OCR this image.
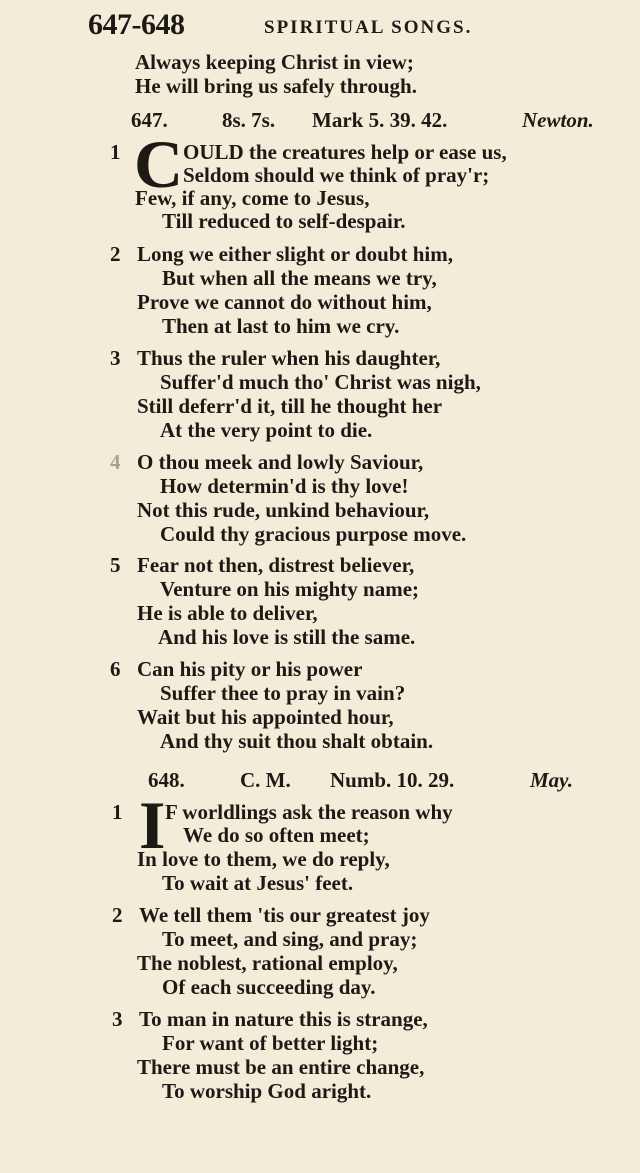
647-648	SPIRITUAL SONGS.
Always keeping Christ in view;
He will bring us safely through.
647.	8s. 7s. Mark 5. 39. 42.	Newton.
1 C OULD the creatures help or ease us,
Seldom should we think of pray'r;
Few, if any, come to Jesus,
Till reduced to self-despair.
2 Long we either slight or doubt him,
But when all the means we try,
Prove we cannot do without him,
Then at last to him we cry.
3 Thus the ruler when his daughter,
Suffer'd much tho' Christ was nigh,
Still deferr'd it, till he thought her
At the very point to die.
4 O thou meek and lowly Saviour,
How determin'd is thy love!
Not this rude, unkind behaviour,
Could thy gracious purpose move.
5 Fear not then, distrest believer,
Venture on his mighty name;
He is able to deliver,
And his love is still the same.
6 Can his pity or his power
Suffer thee to pray in vain?
Wait but his appointed hour,
And thy suit thou shalt obtain.
648.	C. M. Numb. 10. 29.	May.
1 I F worldlings ask the reason why
We do so often meet;
In love to them, we do reply,
To wait at Jesus' feet.
2 We tell them 'tis our greatest joy
To meet, and sing, and pray;
The noblest, rational employ,
Of each succeeding day.
3 To man in nature this is strange,
For want of better light;
There must be an entire change,
To worship God aright.
